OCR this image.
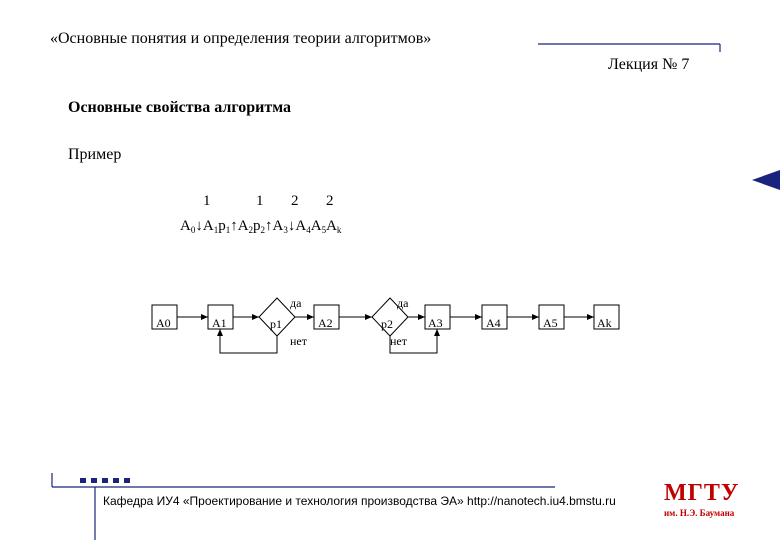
«Основные понятия и определения теории алгоритмов»
Лекция № 7
Основные свойства алгоритма
Пример
1	1 2 2
$A_0↓A_1p_1↑A_2p_2↑A_3↓A_4A_5A_k$
A0	A1	A2	A3	A4	A5	Ak
p1	p2
да	да
нет	нет
Кафедра ИУ4 «Проектирование и технология производства ЭА» http://nanotech.iu4.bmstu.ru МГТУ
им. Н.Э. Баумана
